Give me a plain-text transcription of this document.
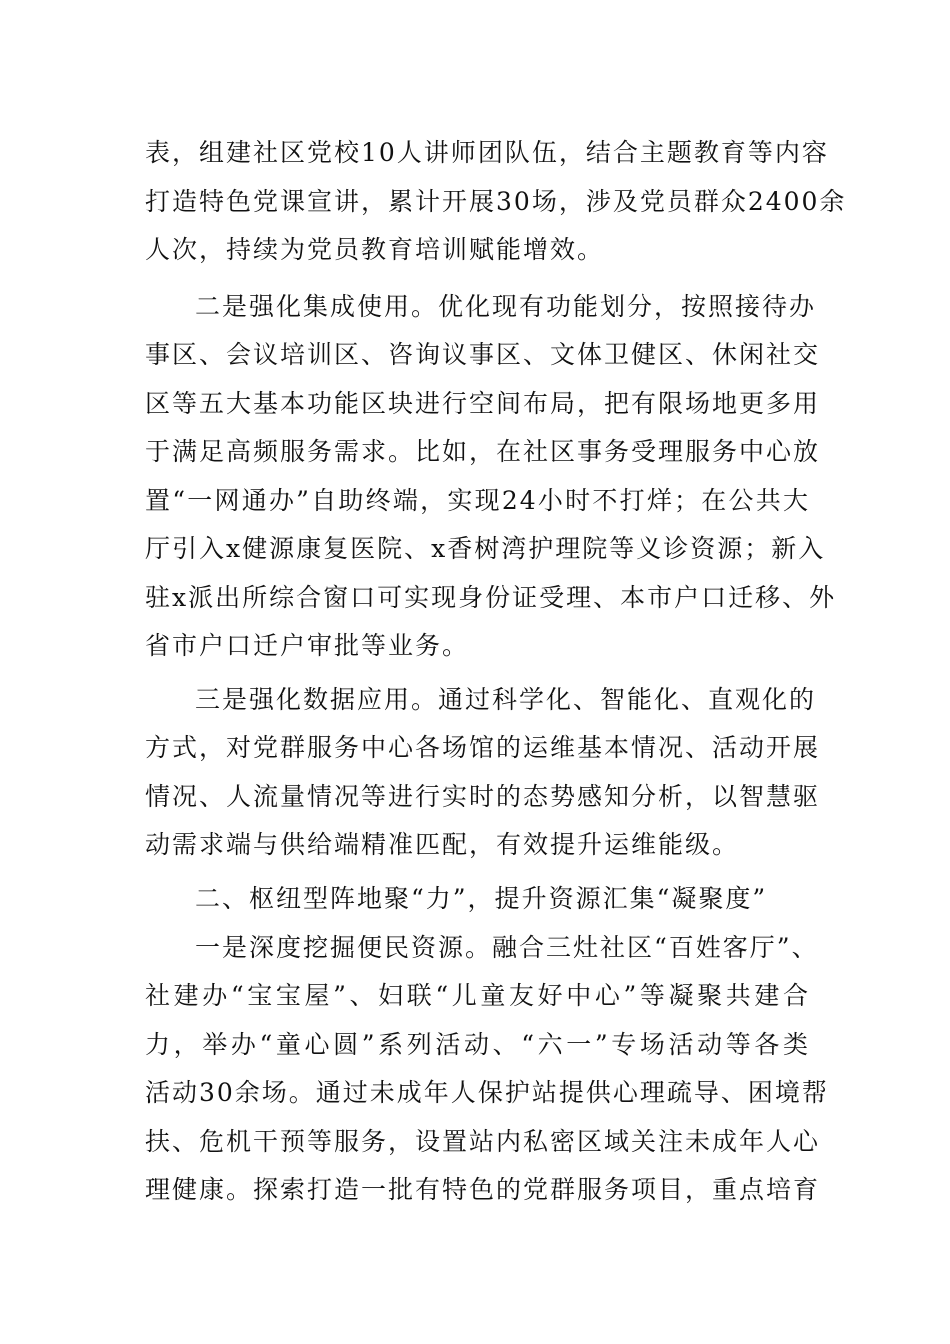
表，组建社区党校10人讲师团队伍，结合主题教育等内容
打造特色党课宣讲，累计开展30场，涉及党员群众2400余
人次，持续为党员教育培训赋能增效。
二是强化集成使用。优化现有功能划分，按照接待办
事区、会议培训区、咨询议事区、文体卫健区、休闲社交
区等五大基本功能区块进行空间布局，把有限场地更多用
于满足高频服务需求。比如，在社区事务受理服务中心放
置“一网通办”自助终端，实现24小时不打烊；在公共大
厅引入x健源康复医院、x香树湾护理院等义诊资源；新入
驻x派出所综合窗口可实现身份证受理、本市户口迁移、外
省市户口迁户审批等业务。
三是强化数据应用。通过科学化、智能化、直观化的
方式，对党群服务中心各场馆的运维基本情况、活动开展
情况、人流量情况等进行实时的态势感知分析，以智慧驱
动需求端与供给端精准匹配，有效提升运维能级。
二、枢纽型阵地聚“力”，提升资源汇集“凝聚度”
一是深度挖掘便民资源。融合三灶社区“百姓客厅”、
社建办“宝宝屋”、妇联“儿童友好中心”等凝聚共建合
力，举办“童心圆”系列活动、“六一”专场活动等各类
活动30余场。通过未成年人保护站提供心理疏导、困境帮
扶、危机干预等服务，设置站内私密区域关注未成年人心
理健康。探索打造一批有特色的党群服务项目，重点培育
